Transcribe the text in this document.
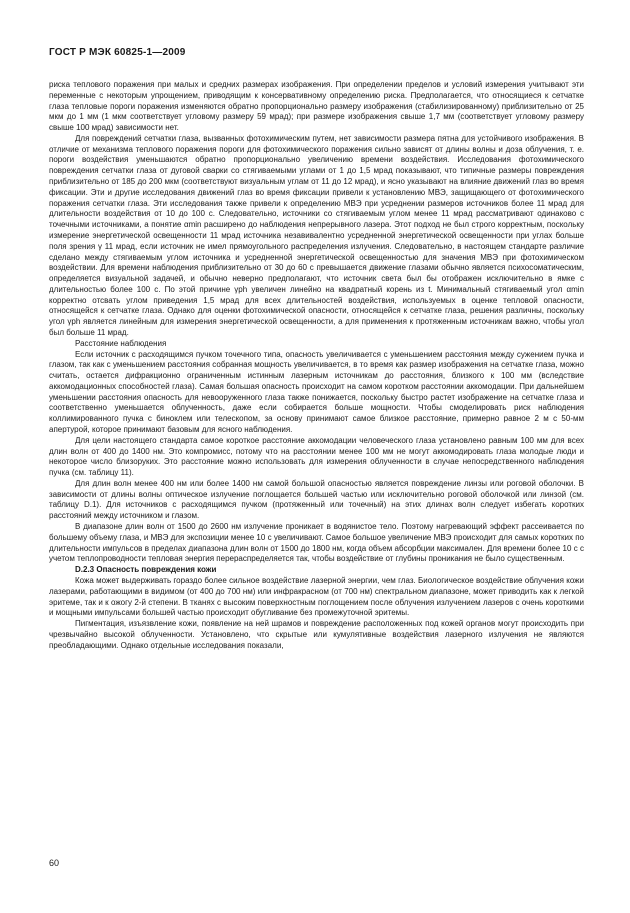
ГОСТ Р МЭК 60825-1—2009

риска теплового поражения при малых и средних размерах изображения. При определении пределов и условий измерения учитывают эти переменные с некоторым упрощением, приводящим к консервативному определению риска. Предполагается, что относящиеся к сетчатке глаза тепловые пороги поражения изменяются обратно пропорционально размеру изображения (стабилизированному) приблизительно от 25 мкм до 1 мм (1 мкм соответствует угловому размеру 59 мрад); при размере изображения свыше 1,7 мм (соответствует угловому размеру свыше 100 мрад) зависимости нет.

Для повреждений сетчатки глаза, вызванных фотохимическим путем, нет зависимости размера пятна для устойчивого изображения. В отличие от механизма теплового поражения пороги для фотохимического поражения сильно зависят от длины волны и доза облучения, т. е. пороги воздействия уменьшаются обратно пропорционально увеличению времени воздействия. Исследования фотохимического повреждения сетчатки глаза от дуговой сварки со стягиваемыми углами от 1 до 1,5 мрад показывают, что типичные размеры повреждения приблизительно от 185 до 200 мкм (соответствуют визуальным углам от 11 до 12 мрад), и ясно указывают на влияние движений глаз во время фиксации. Эти и другие исследования движений глаз во время фиксации привели к установлению МВЭ, защищающего от фотохимического поражения сетчатки глаза. Эти исследования также привели к определению МВЭ при усреднении размеров источников более 11 мрад для длительности воздействия от 10 до 100 с. Следовательно, источники со стягиваемым углом менее 11 мрад рассматривают одинаково с точечными источниками, а понятие αmin расширено до наблюдения непрерывного лазера. Этот подход не был строго корректным, поскольку измерение энергетической освещенности 11 мрад источника незавивалентно усредненной энергетической освещенности при углах больше поля зрения γ 11 мрад, если источник не имел прямоугольного распределения излучения. Следовательно, в настоящем стандарте различие сделано между стягиваемым углом источника и усредненной энергетической освещенностью для значения МВЭ при фотохимическом воздействии. Для времени наблюдения приблизительно от 30 до 60 с превышается движение глазами обычно является психосоматическим, определяется визуальной задачей, и обычно неверно предполагают, что источник света был бы отображен исключительно в ямке с длительностью более 100 с. По этой причине γph увеличен линейно на квадратный корень из t. Минимальный стягиваемый угол αmin корректно отсвать углом приведения 1,5 мрад для всех длительностей воздействия, используемых в оценке тепловой опасности, относящейся к сетчатке глаза. Однако для оценки фотохимической опасности, относящейся к сетчатке глаза, решения различны, поскольку угол γph является линейным для измерения энергетической освещенности, а для применения к протяженным источникам важно, чтобы угол был больше 11 мрад.

Расстояние наблюдения

Если источник с расходящимся пучком точечного типа, опасность увеличивается с уменьшением расстояния между сужением пучка и глазом, так как с уменьшением расстояния собранная мощность увеличивается, в то время как размер изображения на сетчатке глаза, можно считать, остается дифракционно ограниченным истинным лазерным источникам до расстояния, близкого к 100 мм (вследствие аккомодационных способностей глаза). Самая большая опасность происходит на самом коротком расстоянии аккомодации. При дальнейшем уменьшении расстояния опасность для невооруженного глаза также понижается, поскольку быстро растет изображение на сетчатке глаза и соответственно уменьшается облученность, даже если собирается больше мощности. Чтобы смоделировать риск наблюдения коллимированного пучка с биноклем или телескопом, за основу принимают самое близкое расстояние, примерно равное 2 м с 50-мм апертурой, которое принимают базовым для ясного наблюдения.

Для цели настоящего стандарта самое короткое расстояние аккомодации человеческого глаза установлено равным 100 мм для всех длин волн от 400 до 1400 нм. Это компромисс, потому что на расстоянии менее 100 мм не могут аккомодировать глаза молодые люди и некоторое число близоруких. Это расстояние можно использовать для измерения облученности в случае непосредственного наблюдения пучка (см. таблицу 11).

Для длин волн менее 400 нм или более 1400 нм самой большой опасностью является повреждение линзы или роговой оболочки. В зависимости от длины волны оптическое излучение поглощается большей частью или исключительно роговой оболочкой или линзой (см. таблицу D.1). Для источников с расходящимся пучком (протяженный или точечный) на этих длинах волн следует избегать коротких расстояний между источником и глазом.

В диапазоне длин волн от 1500 до 2600 нм излучение проникает в водянистое тело. Поэтому нагревающий эффект рассеивается по большему объему глаза, и МВЭ для экспозиции менее 10 с увеличивают. Самое большое увеличение МВЭ происходит для самых коротких по длительности импульсов в пределах диапазона длин волн от 1500 до 1800 нм, когда объем абсорбции максимален. Для времени более 10 с с учетом теплопроводности тепловая энергия перераспределяется так, чтобы воздействие от глубины проникания не было существенным.

D.2.3 Опасность повреждения кожи

Кожа может выдерживать гораздо более сильное воздействие лазерной энергии, чем глаз. Биологическое воздействие облучения кожи лазерами, работающими в видимом (от 400 до 700 нм) или инфракрасном (от 700 нм) спектральном диапазоне, может приводить как к легкой эритеме, так и к ожогу 2-й степени. В тканях с высоким поверхностным поглощением после облучения излучением лазеров с очень короткими и мощными импульсами большей частью происходит обугливание без промежуточной эритемы.

Пигментация, изъязвление кожи, появление на ней шрамов и повреждение расположенных под кожей органов могут происходить при чрезвычайно высокой облученности. Установлено, что скрытые или кумулятивные воздействия лазерного излучения не являются преобладающими. Однако отдельные исследования показали,

60
